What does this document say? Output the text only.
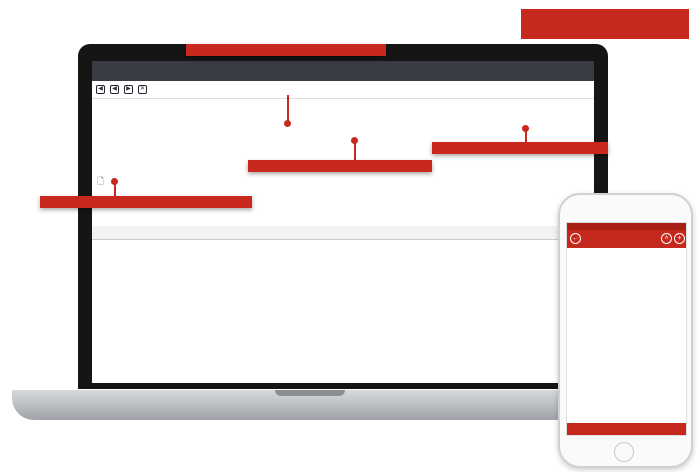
◀	◀	▶	✕
🗋
←	˄	+
